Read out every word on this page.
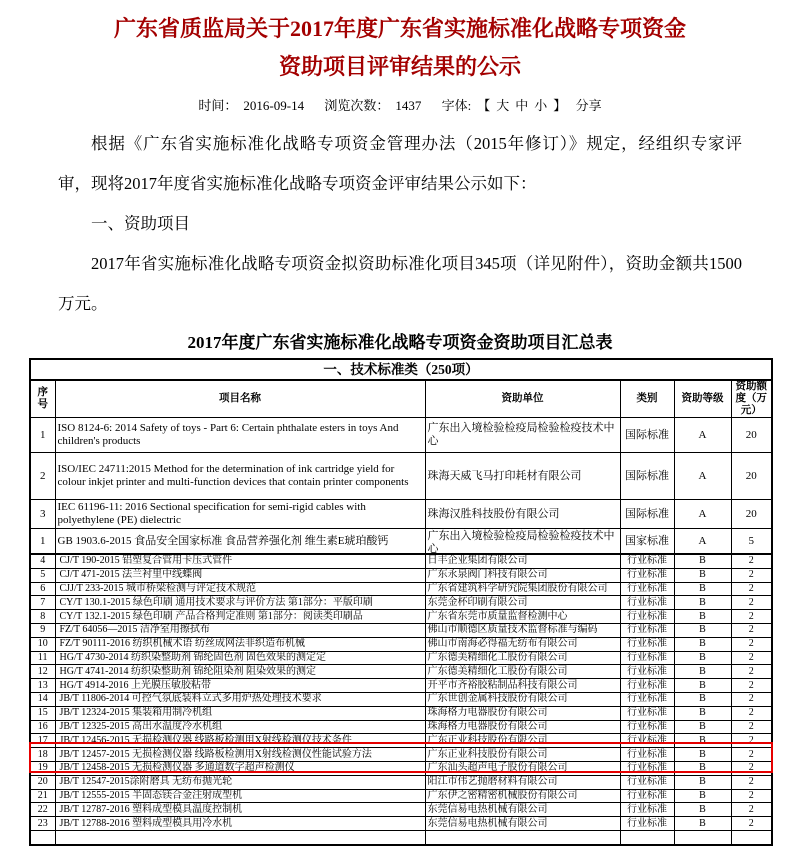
广东省质监局关于2017年度广东省实施标准化战略专项资金
资助项目评审结果的公示
时间： 2016-09-14 浏览次数： 1437 字体: 【 大 中 小 】 分享

根据《广东省实施标准化战略专项资金管理办法（2015年修订）》规定，经组织专家评审，现将2017年度省实施标准化战略专项资金评审结果公示如下：

一、资助项目

2017年省实施标准化战略专项资金拟资助标准化项目345项（详见附件），资助金额共1500万元。

2017年度广东省实施标准化战略专项资金资助项目汇总表
一、技术标准类（250项）					
序号	项目名称	资助单位	类别	资助等级	资助额度（万元）

1	ISO 8124-6: 2014 Safety of toys - Part 6: Certain phthalate esters in toys And children's products	广东出入境检验检疫局检验检疫技术中心	国际标准	A	20

2	ISO/IEC 24711:2015 Method for the determination of ink cartridge yield for colour inkjet printer and multi-function devices that contain printer components	珠海天威飞马打印耗材有限公司	国际标准	A	20

3	IEC 61196-11: 2016 Sectional specification for semi-rigid cables with polyethylene (PE) dielectric	珠海汉胜科技股份有限公司	国际标准	A	20

1	GB 1903.6-2015 食品安全国家标准 食品营养强化剂 维生素E琥珀酸钙	广东出入境检验检疫局检验检疫技术中心	国家标准	A	5

4	CJ/T 190-2015 铝塑复合管用卡压式管件	日丰企业集团有限公司	行业标准	B	2

5	CJ/T 471-2015 法兰衬里中线蝶阀	广东永泉阀门科技有限公司	行业标准	B	2

6	CJJ/T 233-2015 城市桥梁检测与评定技术规范	广东省建筑科学研究院集团股份有限公司	行业标准	B	2

7	CY/T 130.1-2015 绿色印刷 通用技术要求与评价方法 第1部分：平版印刷	东莞金杯印刷有限公司	行业标准	B	2

8	CY/T 132.1-2015 绿色印刷 产品合格判定准则 第1部分：阅读类印刷品	广东省东莞市质量监督检测中心	行业标准	B	2

9	FZ/T 64056—2015 洁净室用擦拭布	佛山市顺德区质量技术监督标准与编码	行业标准	B	2

10	FZ/T 90111-2016 纺织机械术语 纺丝成网法非织造布机械	佛山市南海必得福无纺布有限公司	行业标准	B	2

11	HG/T 4730-2014 纺织染整助剂 锦纶固色剂 固色效果的测定定	广东德美精细化工股份有限公司	行业标准	B	2

12	HG/T 4741-2014 纺织染整助剂 锦纶阻染剂 阻染效果的测定	广东德美精细化工股份有限公司	行业标准	B	2

13	HG/T 4914-2016 上光膜压敏胶粘带	开平市齐裕胶粘制品科技有限公司	行业标准	B	2

14	JB/T 11806-2014 可控气氛底装料立式多用炉热处理技术要求	广东世创金属科技股份有限公司	行业标准	B	2

15	JB/T 12324-2015 集装箱用制冷机组	珠海格力电器股份有限公司	行业标准	B	2

16	JB/T 12325-2015 高出水温度冷水机组	珠海格力电器股份有限公司	行业标准	B	2

17	JB/T 12456-2015 无损检测仪器 线路板检测用X射线检测仪技术条件	广东正业科技股份有限公司	行业标准	B	2

18	JB/T 12457-2015 无损检测仪器 线路板检测用X射线检测仪性能试验方法	广东正业科技股份有限公司	行业标准	B	2

19	JB/T 12458-2015 无损检测仪器 多通道数字超声检测仪	广东汕头超声电子股份有限公司	行业标准	B	2

20	JB/T 12547-2015涂附磨具 无纺布抛光轮	阳江市伟艺抛磨材料有限公司	行业标准	B	2

21	JB/T 12555-2015 半固态镁合金注射成型机	广东伊之密精密机械股份有限公司	行业标准	B	2

22	JB/T 12787-2016 塑料成型模具温度控制机	东莞信易电热机械有限公司	行业标准	B	2

23	JB/T 12788-2016 塑料成型模具用冷水机	东莞信易电热机械有限公司	行业标准	B	2
